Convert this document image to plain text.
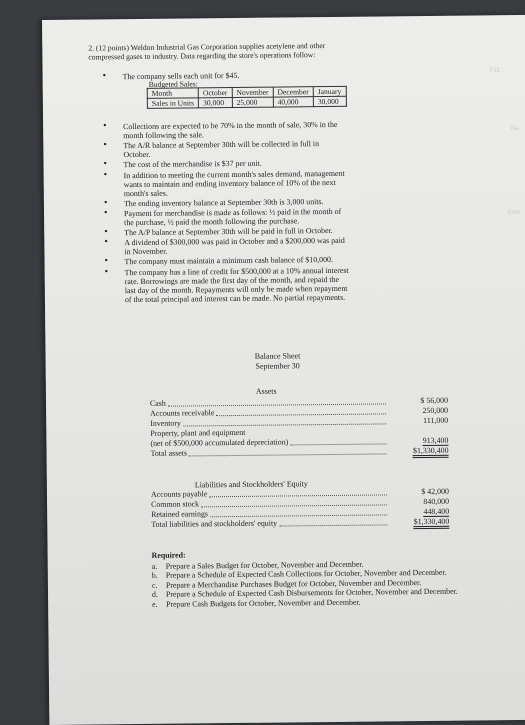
2. (12 points) Weldon Industrial Gas Corporation supplies acetylene and other
compressed gases to industry. Data regarding the store's operations follow:
• The company sells each unit for $45.
• Collections are expected to be 70% in the month of sale, 30% in the
month following the sale.
• The A/R balance at September 30th will be collected in full in
October.
• The cost of the merchandise is $37 per unit.
• In addition to meeting the current month's sales demand, management
wants to maintain and ending inventory balance of 10% of the next
month's sales.
• The ending inventory balance at September 30th is 3,000 units.
• Payment for merchandise is made as follows: ½ paid in the month of
the purchase, ½ paid the month following the purchase.
• The A/P balance at September 30th will be paid in full in October.
• A dividend of $300,000 was paid in October and a $200,000 was paid
in November.
• The company must maintain a minimum cash balance of $10,000.
• The company has a line of credit for $500,000 at a 10% annual interest
rate. Borrowings are made the first day of the month, and repaid the
last day of the month. Repayments will only be made when repayment
of the total principal and interest can be made. No partial repayments.
Budgeted Sales:
Month	October	November	December	January
Sales in Units	30,000	25,000	40,000	30,000
Balance Sheet
September 30
Assets
Cash	$ 56,000
Accounts receivable	250,000
Inventory	111,000
Property, plant and equipment
(net of $500,000 accumulated depreciation)	913,400
Total assets	$1,330,400
Liabilities and Stockholders' Equity
Accounts payable	$ 42,000
Common stock	840,000
Retained earnings	448,400
Total liabilities and stockholders' equity	$1,330,400
Required:
a. Prepare a Sales Budget for October, November and December.
b. Prepare a Schedule of Expected Cash Collections for October, November and December.
c. Prepare a Merchandise Purchases Budget for October, November and December.
d. Prepare a Schedule of Expected Cash Disbursements for October, November and December.
e. Prepare Cash Budgets for October, November and December.
F11
Ba
Ente
